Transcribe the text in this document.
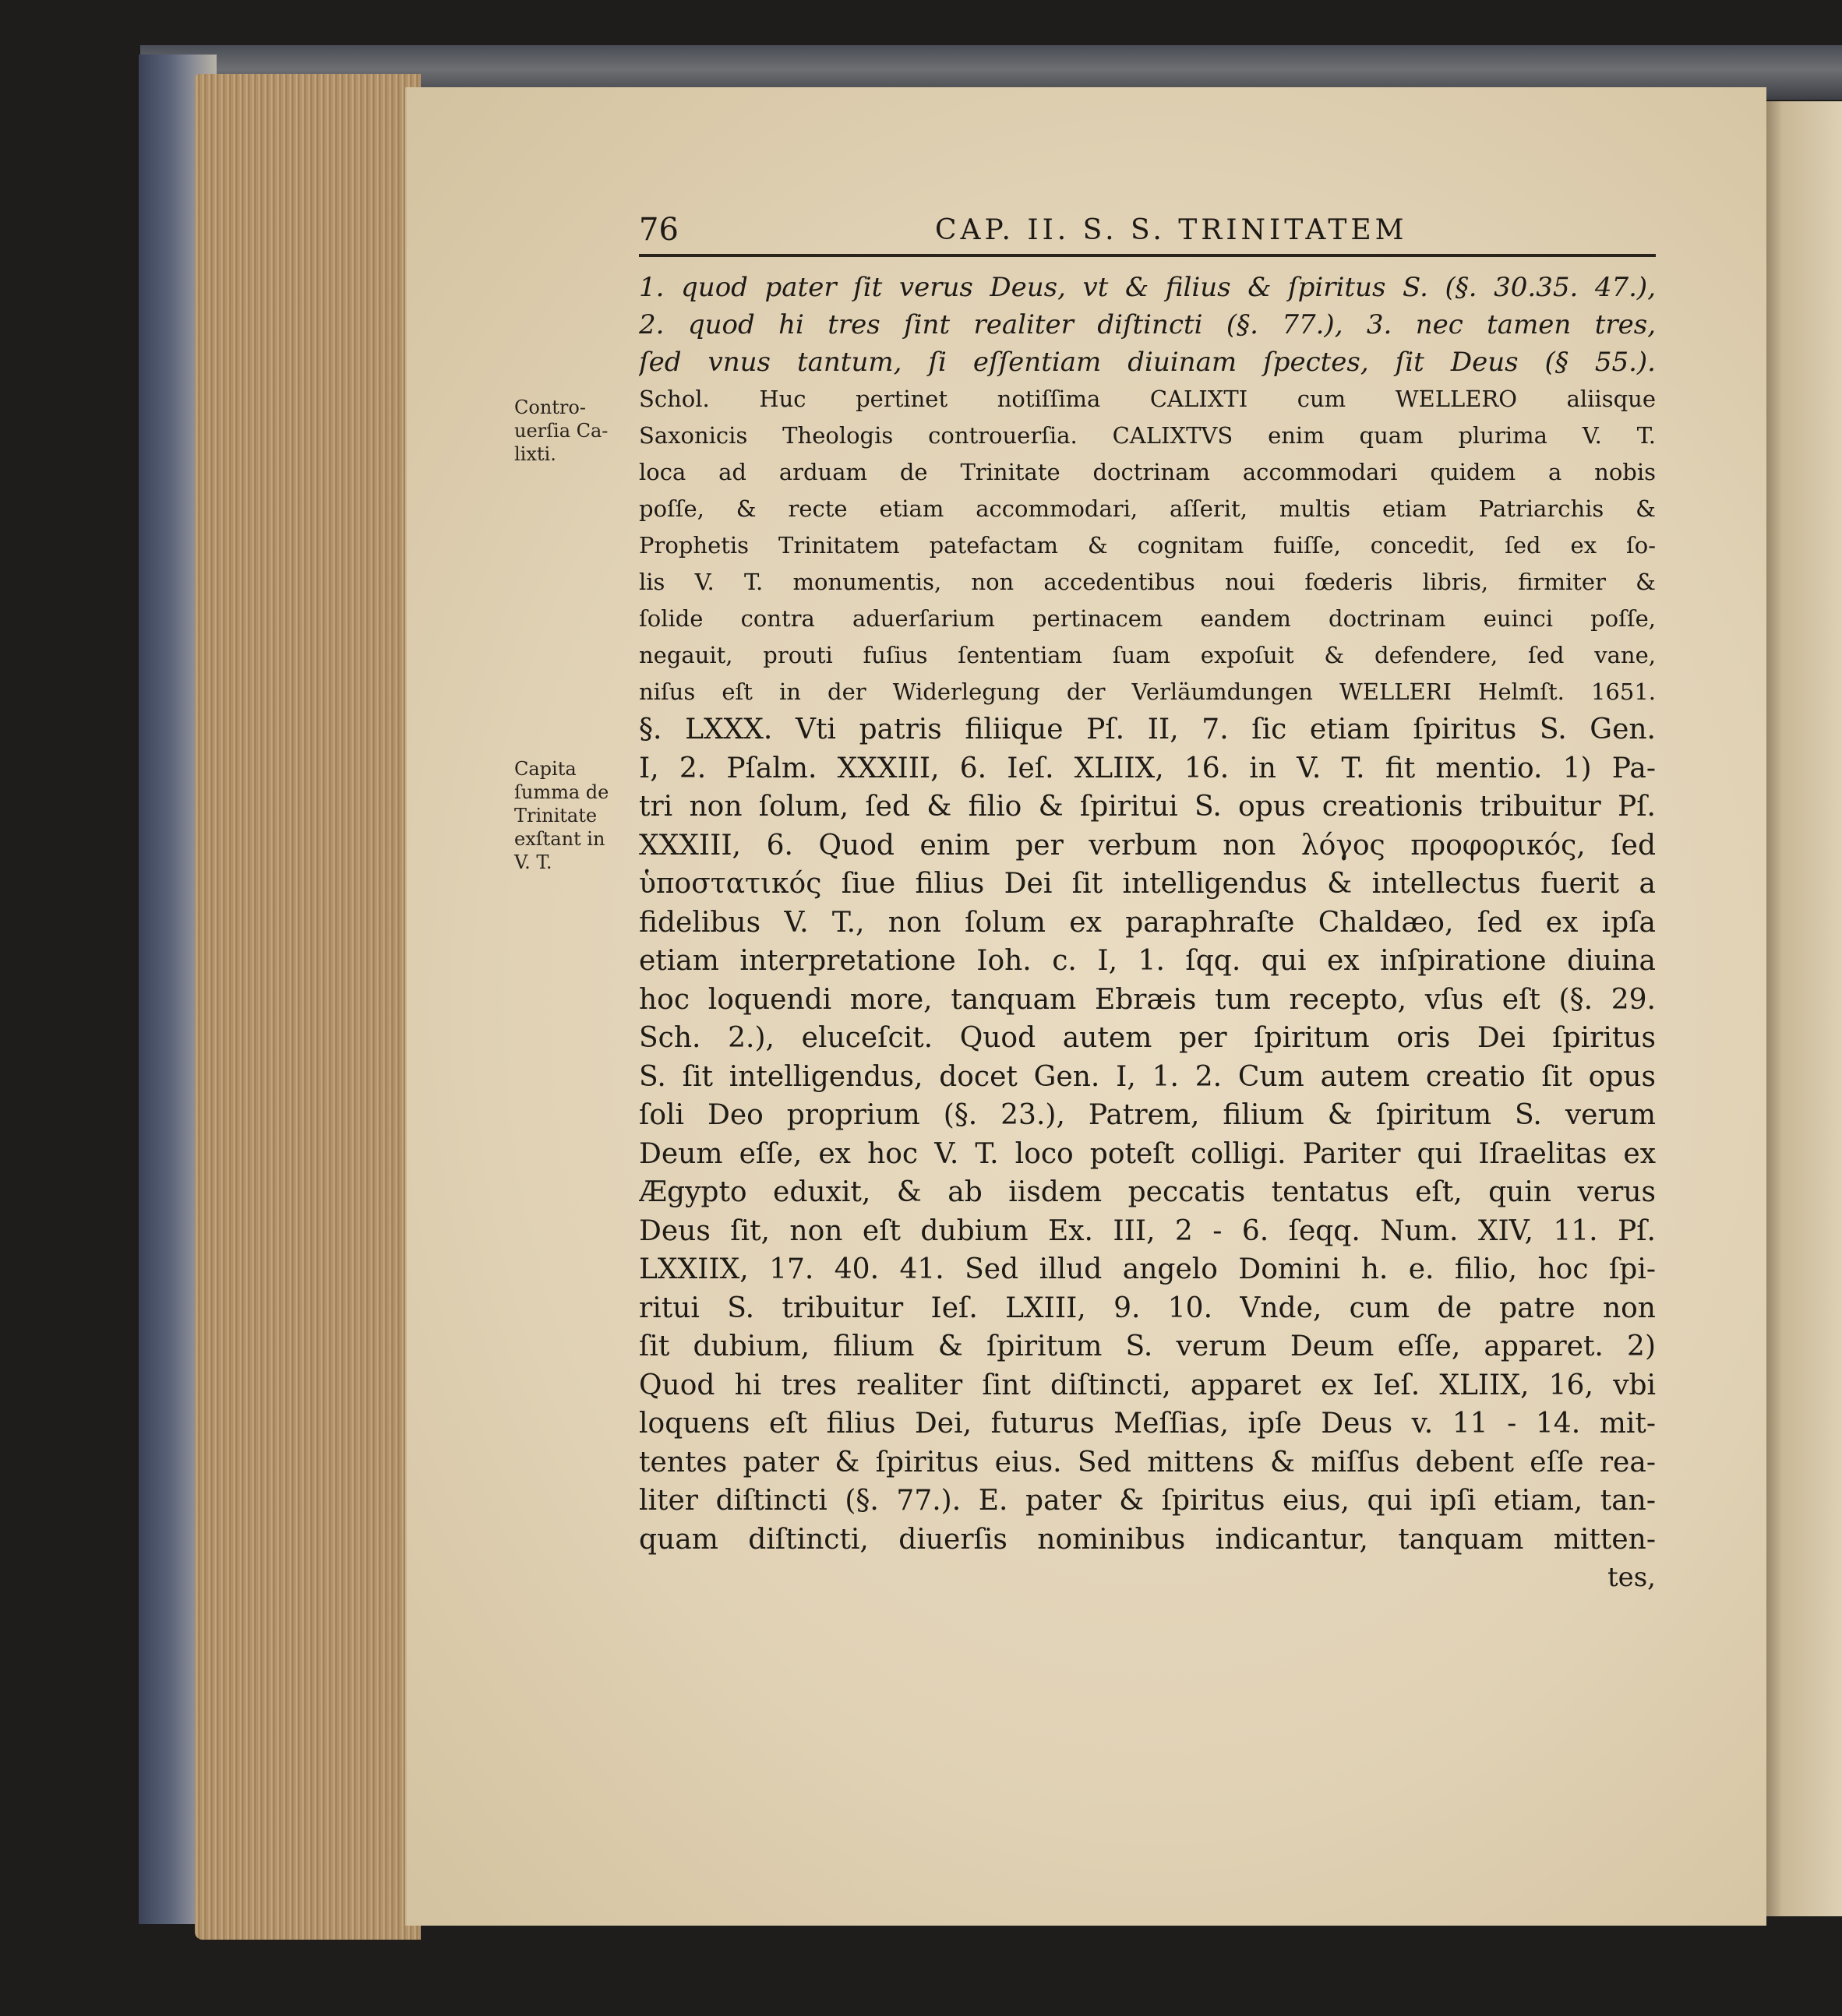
76	CAP. II. S. S. TRINITATEM
Contro-
uerſia Ca-
lixti.
Capita
ſumma de
Trinitate
exſtant in
V. T.
1. quod pater ſit verus Deus, vt & filius & ſpiritus S. (§. 30.35. 47.),
2. quod hi tres ſint realiter diſtincti (§. 77.), 3. nec tamen tres,
ſed vnus tantum, ſi eſſentiam diuinam ſpectes, ſit Deus (§ 55.).
Schol. Huc pertinet notiſſima CALIXTI cum WELLERO aliisque
Saxonicis Theologis controuerſia. CALIXTVS enim quam plurima V. T.
loca ad arduam de Trinitate doctrinam accommodari quidem a nobis
poſſe, & recte etiam accommodari, aſſerit, multis etiam Patriarchis &
Prophetis Trinitatem patefactam & cognitam fuiſſe, concedit, ſed ex ſo-
lis V. T. monumentis, non accedentibus noui fœderis libris, firmiter &
ſolide contra aduerſarium pertinacem eandem doctrinam euinci poſſe,
negauit, prouti fuſius ſententiam ſuam expoſuit & defendere, ſed vane,
niſus eſt in der Widerlegung der Verläumdungen WELLERI Helmſt. 1651.
§. LXXX. Vti patris filiique Pſ. II, 7. ſic etiam ſpiritus S. Gen.
I, 2. Pſalm. XXXIII, 6. Ieſ. XLIIX, 16. in V. T. fit mentio. 1) Pa-
tri non ſolum, ſed & filio & ſpiritui S. opus creationis tribuitur Pſ.
XXXIII, 6. Quod enim per verbum non λόγος προφορικός, ſed
ὑποστατικός ſiue filius Dei ſit intelligendus & intellectus fuerit a
fidelibus V. T., non ſolum ex paraphraſte Chaldæo, ſed ex ipſa
etiam interpretatione Ioh. c. I, 1. ſqq. qui ex inſpiratione diuina
hoc loquendi more, tanquam Ebræis tum recepto, vſus eſt (§. 29.
Sch. 2.), eluceſcit. Quod autem per ſpiritum oris Dei ſpiritus
S. ſit intelligendus, docet Gen. I, 1. 2. Cum autem creatio ſit opus
ſoli Deo proprium (§. 23.), Patrem, filium & ſpiritum S. verum
Deum eſſe, ex hoc V. T. loco poteſt colligi. Pariter qui Iſraelitas ex
Ægypto eduxit, & ab iisdem peccatis tentatus eſt, quin verus
Deus ſit, non eſt dubium Ex. III, 2 - 6. ſeqq. Num. XIV, 11. Pſ.
LXXIIX, 17. 40. 41. Sed illud angelo Domini h. e. filio, hoc ſpi-
ritui S. tribuitur Ieſ. LXIII, 9. 10. Vnde, cum de patre non
ſit dubium, filium & ſpiritum S. verum Deum eſſe, apparet. 2)
Quod hi tres realiter ſint diſtincti, apparet ex Ieſ. XLIIX, 16, vbi
loquens eſt filius Dei, futurus Meſſias, ipſe Deus v. 11 - 14. mit-
tentes pater & ſpiritus eius. Sed mittens & miſſus debent eſſe rea-
liter diſtincti (§. 77.). E. pater & ſpiritus eius, qui ipſi etiam, tan-
quam diſtincti, diuerſis nominibus indicantur, tanquam mitten-
tes,
